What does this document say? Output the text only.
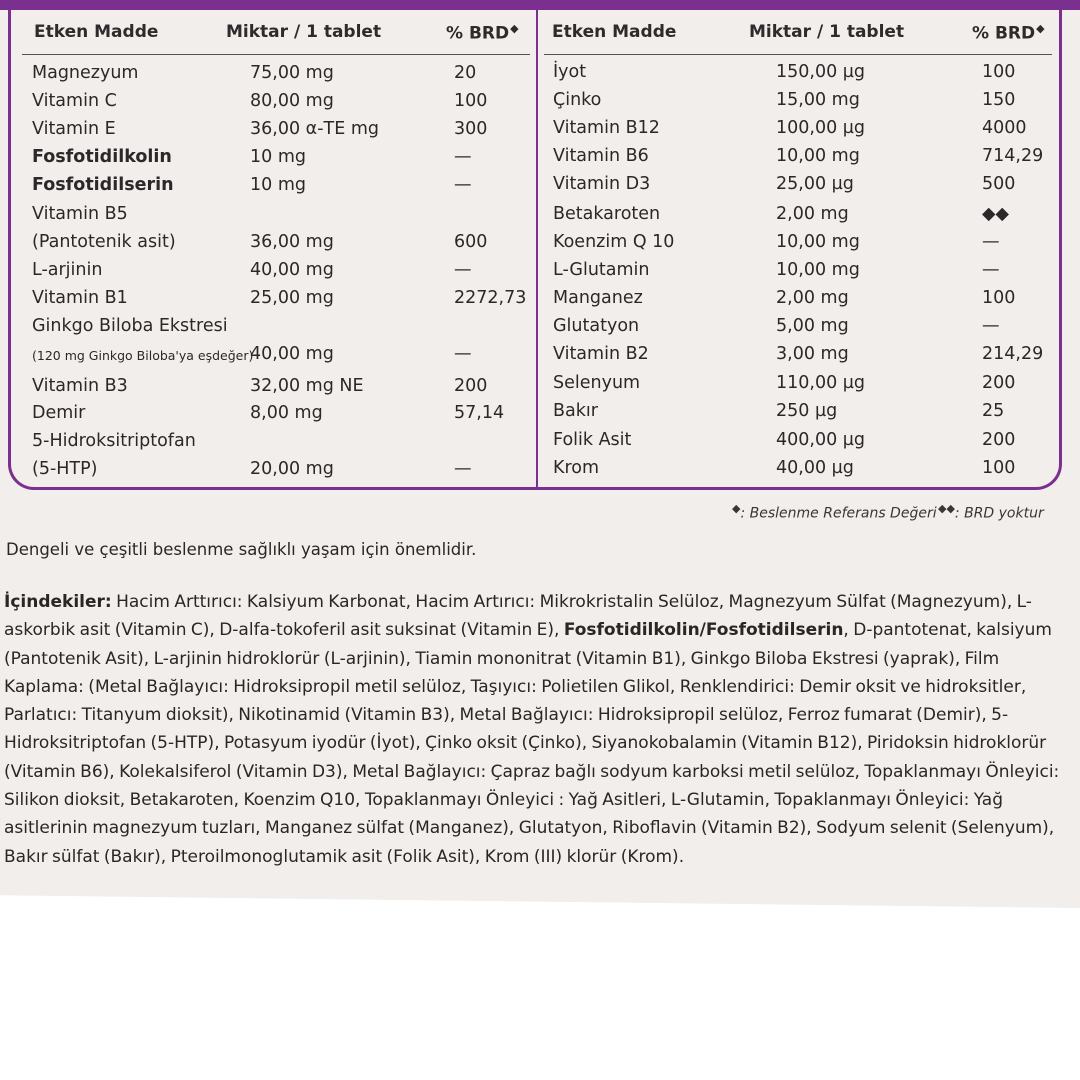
Etken Madde	Miktar / 1 tablet	% BRD◆ Etken Madde	Miktar / 1 tablet	% BRD◆
Magnezyum	75,00 mg	20
Vitamin C	80,00 mg	100
Vitamin E	36,00 α-TE mg	300
Fosfotidilkolin	10 mg	—
Fosfotidilserin	10 mg	—
Vitamin B5
(Pantotenik asit)	36,00 mg	600
L-arjinin	40,00 mg	—
Vitamin B1	25,00 mg	2272,73
Ginkgo Biloba Ekstresi
(120 mg Ginkgo Biloba'ya eşdeğer)
40,00 mg	—
Vitamin B3	32,00 mg NE	200
Demir	8,00 mg	57,14
5-Hidroksitriptofan
(5-HTP)	20,00 mg	—
İyot	150,00 µg	100
Çinko	15,00 mg	150
Vitamin B12	100,00 µg	4000
Vitamin B6	10,00 mg	714,29
Vitamin D3	25,00 µg	500
Betakaroten	2,00 mg	◆◆
Koenzim Q 10	10,00 mg	—
L-Glutamin	10,00 mg	—
Manganez	2,00 mg	100
Glutatyon	5,00 mg	—
Vitamin B2	3,00 mg	214,29
Selenyum	110,00 µg	200
Bakır	250 µg	25
Folik Asit	400,00 µg	200
Krom	40,00 µg	100
◆: Beslenme Referans Değeri ◆◆: BRD yoktur
Dengeli ve çeşitli beslenme sağlıklı yaşam için önemlidir.
İçindekiler: Hacim Arttırıcı: Kalsiyum Karbonat, Hacim Artırıcı: Mikrokristalin Selüloz, Magnezyum Sülfat (Magnezyum), L-askorbik asit (Vitamin C), D-alfa-tokoferil asit suksinat (Vitamin E), Fosfotidilkolin/Fosfotidilserin, D-pantotenat, kalsiyum (Pantotenik Asit), L-arjinin hidroklorür (L-arjinin), Tiamin mononitrat (Vitamin B1), Ginkgo Biloba Ekstresi (yaprak), Film Kaplama: (Metal Bağlayıcı: Hidroksipropil metil selüloz, Taşıyıcı: Polietilen Glikol, Renklendirici: Demir oksit ve hidroksitler, Parlatıcı: Titanyum dioksit), Nikotinamid (Vitamin B3), Metal Bağlayıcı: Hidroksipropil selüloz, Ferroz fumarat (Demir), 5-Hidroksitriptofan (5-HTP), Potasyum iyodür (İyot), Çinko oksit (Çinko), Siyanokobalamin (Vitamin B12), Piridoksin hidroklorür (Vitamin B6), Kolekalsiferol (Vitamin D3), Metal Bağlayıcı: Çapraz bağlı sodyum karboksi metil selüloz, Topaklanmayı Önleyici: Silikon dioksit, Betakaroten, Koenzim Q10, Topaklanmayı Önleyici : Yağ Asitleri, L-Glutamin, Topaklanmayı Önleyici: Yağ asitlerinin magnezyum tuzları, Manganez sülfat (Manganez), Glutatyon, Riboflavin (Vitamin B2), Sodyum selenit (Selenyum), Bakır sülfat (Bakır), Pteroilmonoglutamik asit (Folik Asit), Krom (III) klorür (Krom).
